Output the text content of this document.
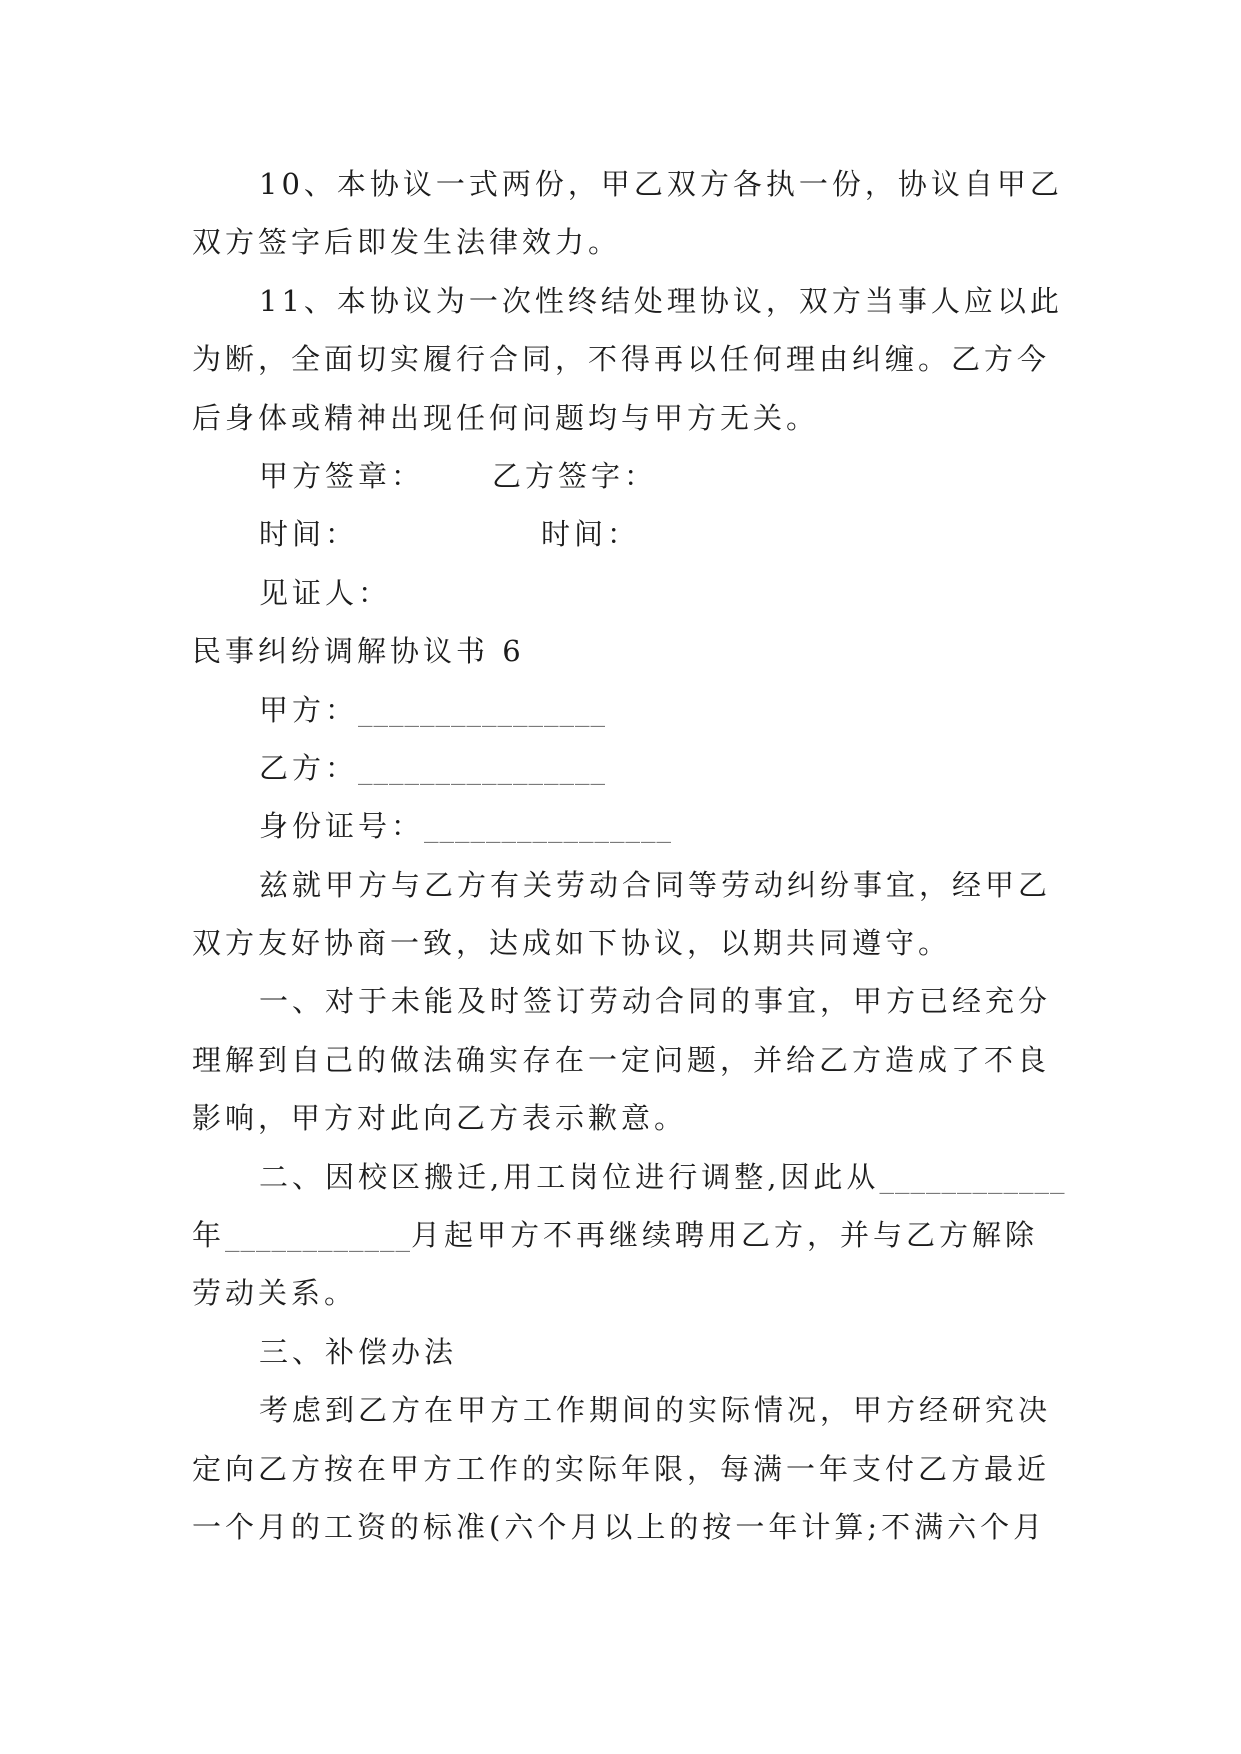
10、本协议一式两份，甲乙双方各执一份，协议自甲乙
双方签字后即发生法律效力。
11、本协议为一次性终结处理协议，双方当事人应以此
为断，全面切实履行合同，不得再以任何理由纠缠。乙方今
后身体或精神出现任何问题均与甲方无关。
甲方签章： 乙方签字：
时间：	时间：
见证人：
民事纠纷调解协议书 6
甲方：________________
乙方：________________
身份证号：________________
兹就甲方与乙方有关劳动合同等劳动纠纷事宜，经甲乙
双方友好协商一致，达成如下协议，以期共同遵守。
一、对于未能及时签订劳动合同的事宜，甲方已经充分
理解到自己的做法确实存在一定问题，并给乙方造成了不良
影响，甲方对此向乙方表示歉意。
二、因校区搬迁,用工岗位进行调整,因此从____________
年____________月起甲方不再继续聘用乙方，并与乙方解除
劳动关系。
三、补偿办法
考虑到乙方在甲方工作期间的实际情况，甲方经研究决
定向乙方按在甲方工作的实际年限，每满一年支付乙方最近
一个月的工资的标准(六个月以上的按一年计算;不满六个月
